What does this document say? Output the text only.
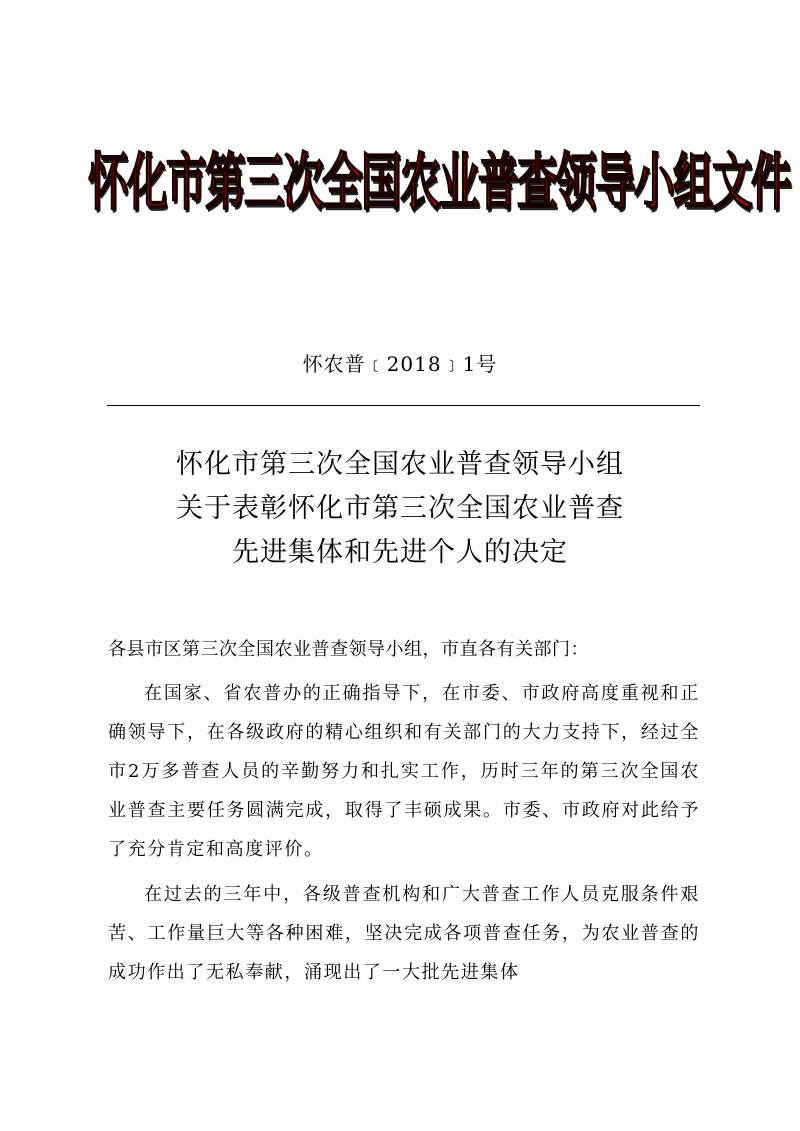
怀化市第三次全国农业普查领导小组文件
怀农普﹝2018﹞1号
怀化市第三次全国农业普查领导小组
关于表彰怀化市第三次全国农业普查
先进集体和先进个人的决定

各县市区第三次全国农业普查领导小组，市直各有关部门：

在国家、省农普办的正确指导下，在市委、市政府高度重视和正确领导下，在各级政府的精心组织和有关部门的大力支持下，经过全市2万多普查人员的辛勤努力和扎实工作，历时三年的第三次全国农业普查主要任务圆满完成，取得了丰硕成果。市委、市政府对此给予了充分肯定和高度评价。

在过去的三年中，各级普查机构和广大普查工作人员克服条件艰苦、工作量巨大等各种困难，坚决完成各项普查任务，为农业普查的成功作出了无私奉献，涌现出了一大批先进集体
